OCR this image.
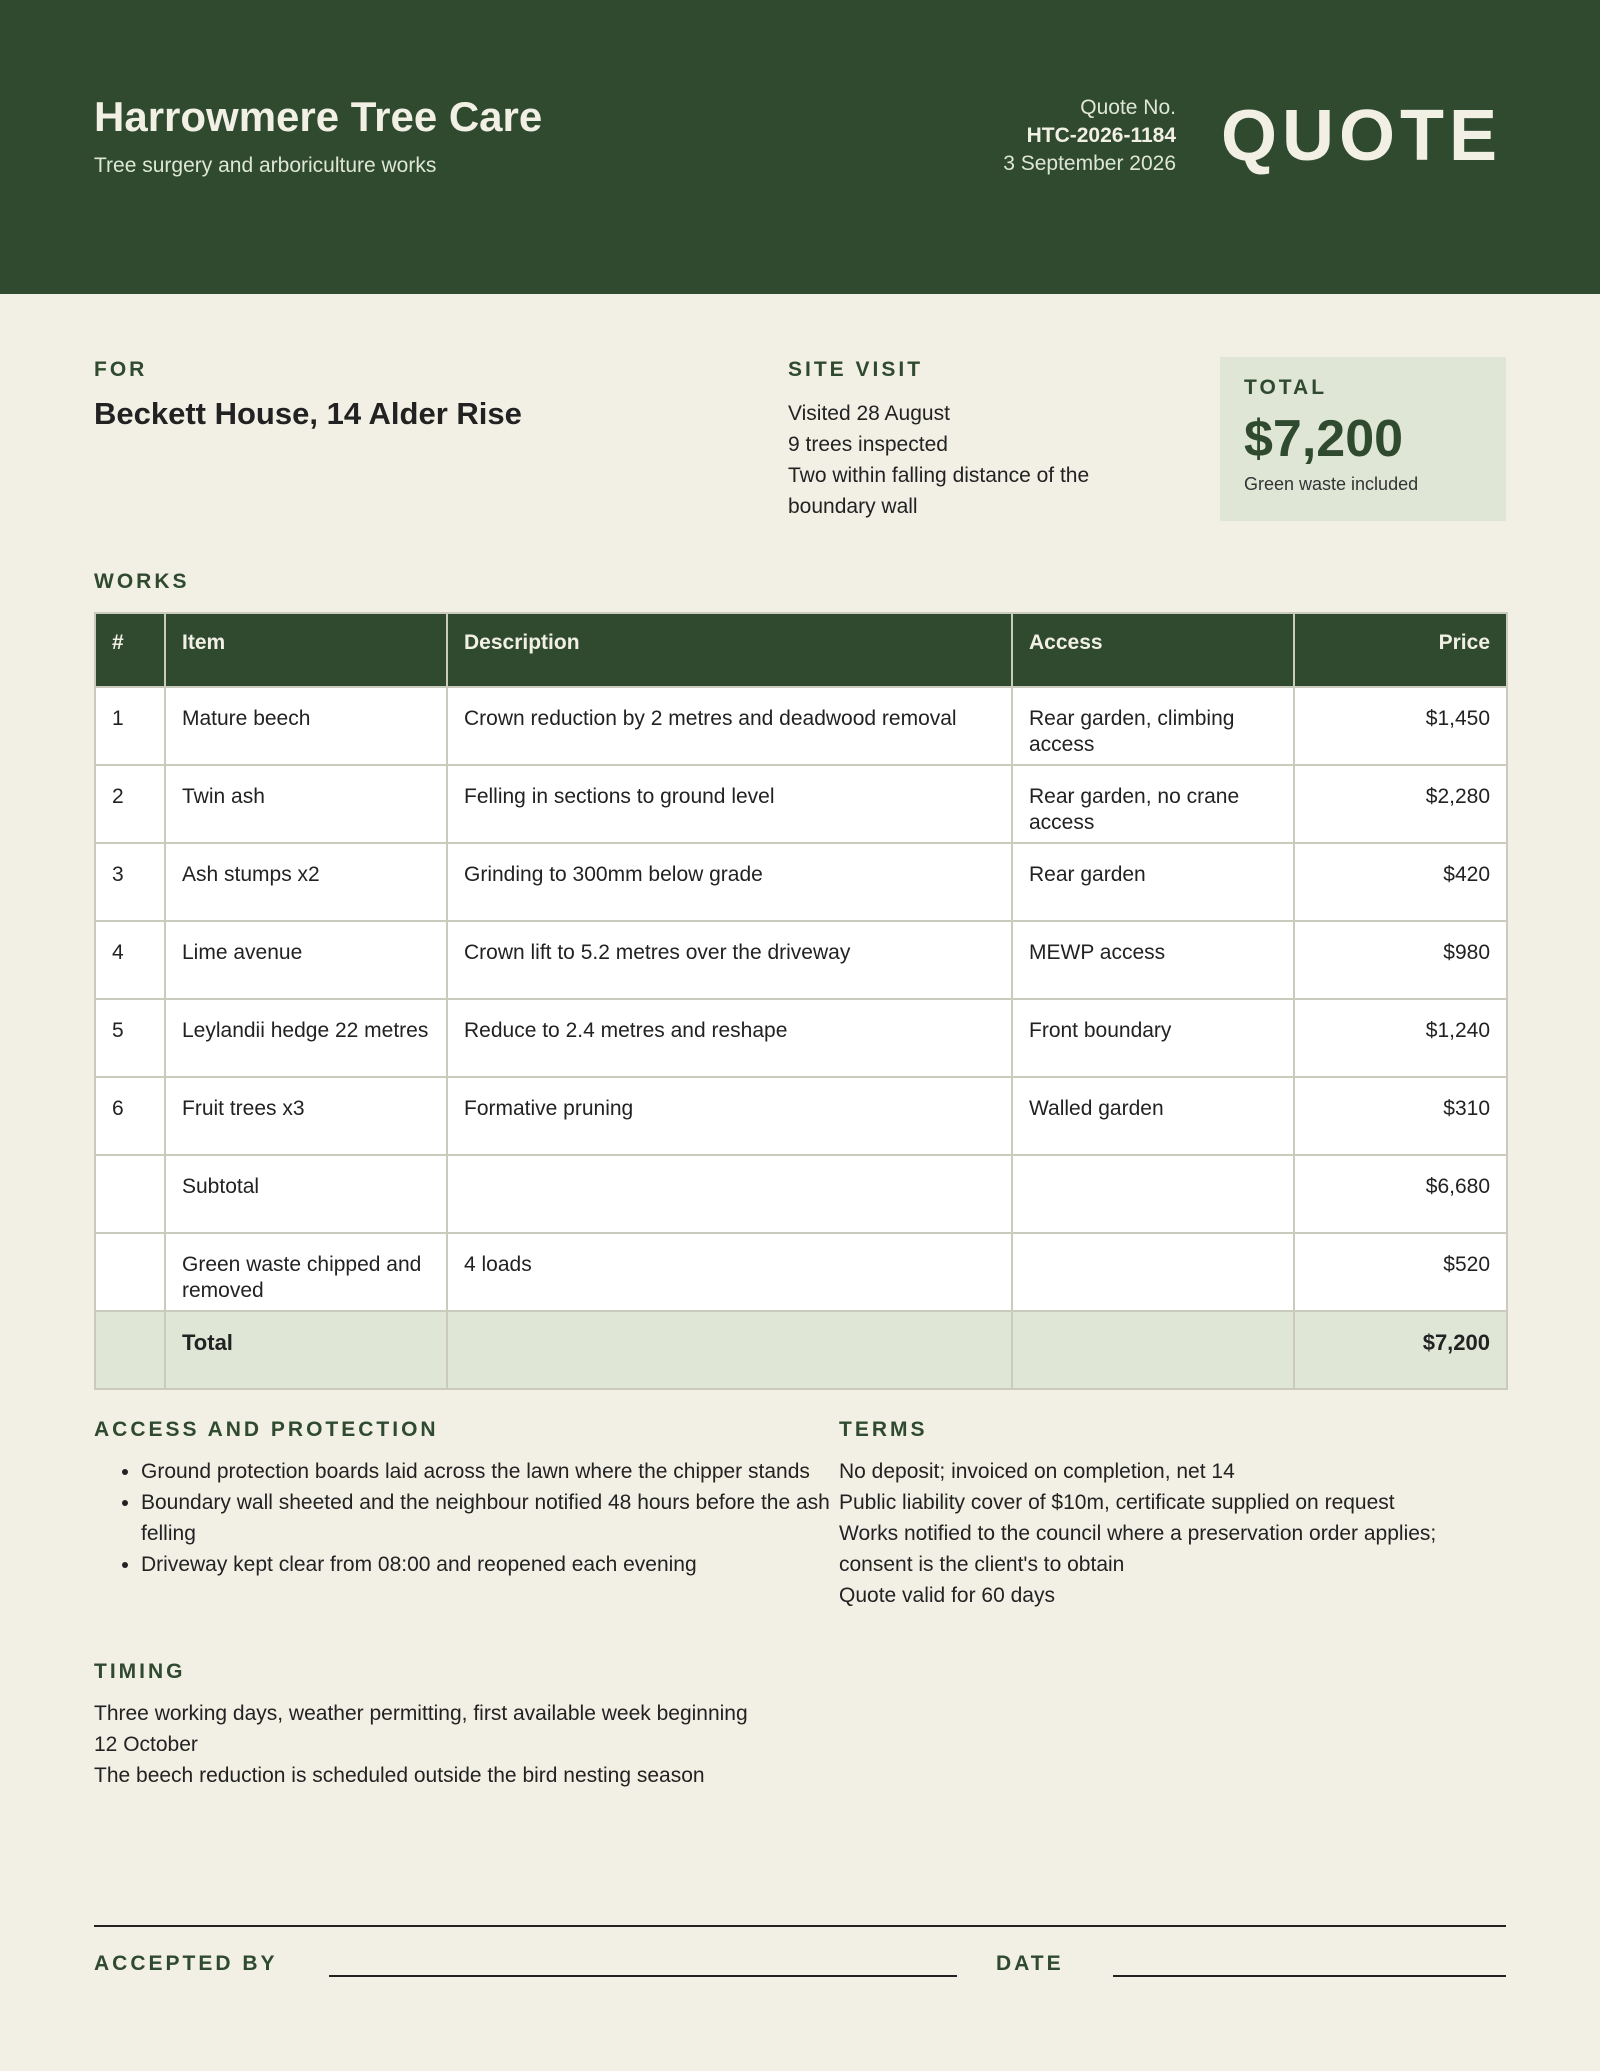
Harrowmere Tree Care
Tree surgery and arboriculture works
Quote No.
HTC-2026-1184
3 September 2026 QUOTE
FOR
Beckett House, 14 Alder Rise
SITE VISIT
Visited 28 August
9 trees inspected
Two within falling distance of the boundary wall
TOTAL
$7,200
Green waste included
WORKS
#	Item	Description	Access	Price
1	Mature beech	Crown reduction by 2 metres and deadwood removal	Rear garden, climbing access	$1,450
2	Twin ash	Felling in sections to ground level	Rear garden, no crane access	$2,280
3	Ash stumps x2	Grinding to 300mm below grade	Rear garden	$420
4	Lime avenue	Crown lift to 5.2 metres over the driveway	MEWP access	$980
5	Leylandii hedge 22 metres	Reduce to 2.4 metres and reshape	Front boundary	$1,240
6	Fruit trees x3	Formative pruning	Walled garden	$310
	Subtotal			$6,680
	Green waste chipped and removed	4 loads		$520
	Total			$7,200
ACCESS AND PROTECTION
• Ground protection boards laid across the lawn where the chipper stands
• Boundary wall sheeted and the neighbour notified 48 hours before the ash felling
• Driveway kept clear from 08:00 and reopened each evening
TERMS
No deposit; invoiced on completion, net 14
Public liability cover of $10m, certificate supplied on request
Works notified to the council where a preservation order applies; consent is the client's to obtain
Quote valid for 60 days
TIMING
Three working days, weather permitting, first available week beginning 12 October
The beech reduction is scheduled outside the bird nesting season
ACCEPTED BY	DATE
